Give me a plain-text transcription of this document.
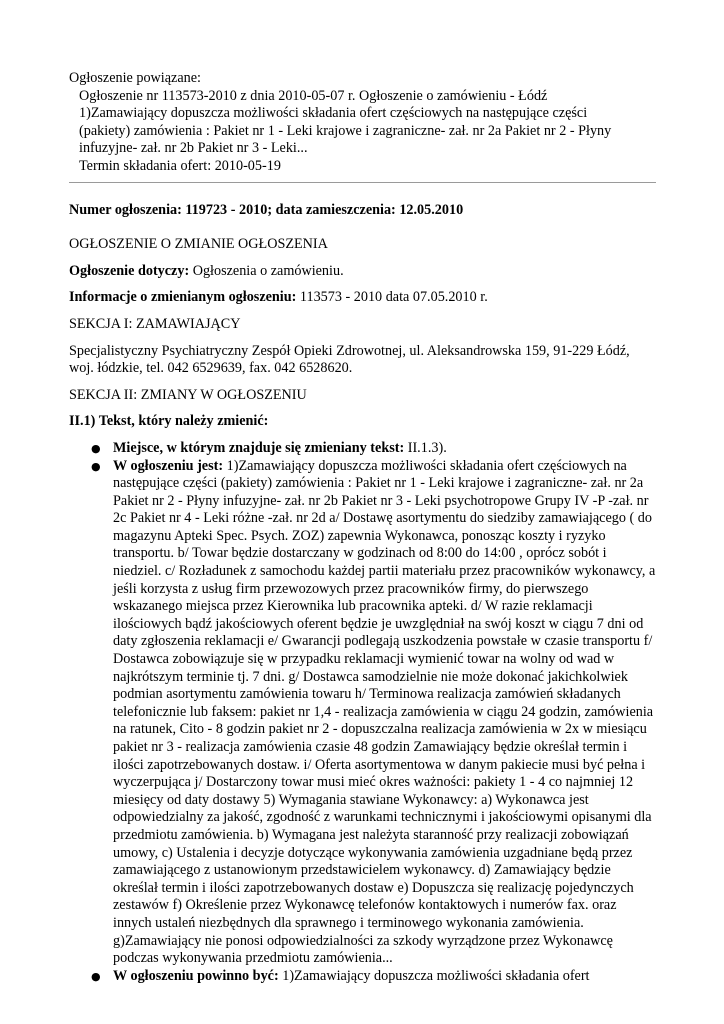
Ogłoszenie powiązane:
Ogłoszenie nr 113573-2010 z dnia 2010-05-07 r. Ogłoszenie o zamówieniu - Łódź
1)Zamawiający dopuszcza możliwości składania ofert częściowych na następujące części
(pakiety) zamówienia : Pakiet nr 1 - Leki krajowe i zagraniczne- zał. nr 2a Pakiet nr 2 - Płyny
infuzyjne- zał. nr 2b Pakiet nr 3 - Leki...
Termin składania ofert: 2010-05-19

Numer ogłoszenia: 119723 - 2010; data zamieszczenia: 12.05.2010

OGŁOSZENIE O ZMIANIE OGŁOSZENIA

Ogłoszenie dotyczy: Ogłoszenia o zamówieniu.

Informacje o zmienianym ogłoszeniu: 113573 - 2010 data 07.05.2010 r.

SEKCJA I: ZAMAWIAJĄCY

Specjalistyczny Psychiatryczny Zespół Opieki Zdrowotnej, ul. Aleksandrowska 159, 91-229 Łódź, woj. łódzkie, tel. 042 6529639, fax. 042 6528620.

SEKCJA II: ZMIANY W OGŁOSZENIU

II.1) Tekst, który należy zmienić:

● Miejsce, w którym znajduje się zmieniany tekst: II.1.3).
● W ogłoszeniu jest: 1)Zamawiający dopuszcza możliwości składania ofert częściowych na następujące części (pakiety) zamówienia : Pakiet nr 1 - Leki krajowe i zagraniczne- zał. nr 2a Pakiet nr 2 - Płyny infuzyjne- zał. nr 2b Pakiet nr 3 - Leki psychotropowe Grupy IV -P -zał. nr 2c Pakiet nr 4 - Leki różne -zał. nr 2d a/ Dostawę asortymentu do siedziby zamawiającego ( do magazynu Apteki Spec. Psych. ZOZ) zapewnia Wykonawca, ponosząc koszty i ryzyko transportu. b/ Towar będzie dostarczany w godzinach od 8:00 do 14:00 , oprócz sobót i niedziel. c/ Rozładunek z samochodu każdej partii materiału przez pracowników wykonawcy, a jeśli korzysta z usług firm przewozowych przez pracowników firmy, do pierwszego wskazanego miejsca przez Kierownika lub pracownika apteki. d/ W razie reklamacji ilościowych bądź jakościowych oferent będzie je uwzględniał na swój koszt w ciągu 7 dni od daty zgłoszenia reklamacji e/ Gwarancji podlegają uszkodzenia powstałe w czasie transportu f/ Dostawca zobowiązuje się w przypadku reklamacji wymienić towar na wolny od wad w najkrótszym terminie tj. 7 dni. g/ Dostawca samodzielnie nie może dokonać jakichkolwiek podmian asortymentu zamówienia towaru h/ Terminowa realizacja zamówień składanych telefonicznie lub faksem: pakiet nr 1,4 - realizacja zamówienia w ciągu 24 godzin, zamówienia na ratunek, Cito - 8 godzin pakiet nr 2 - dopuszczalna realizacja zamówienia w 2x w miesiącu pakiet nr 3 - realizacja zamówienia czasie 48 godzin Zamawiający będzie określał termin i ilości zapotrzebowanych dostaw. i/ Oferta asortymentowa w danym pakiecie musi być pełna i wyczerpująca j/ Dostarczony towar musi mieć okres ważności: pakiety 1 - 4 co najmniej 12 miesięcy od daty dostawy 5) Wymagania stawiane Wykonawcy: a) Wykonawca jest odpowiedzialny za jakość, zgodność z warunkami technicznymi i jakościowymi opisanymi dla przedmiotu zamówienia. b) Wymagana jest należyta staranność przy realizacji zobowiązań umowy, c) Ustalenia i decyzje dotyczące wykonywania zamówienia uzgadniane będą przez zamawiającego z ustanowionym przedstawicielem wykonawcy. d) Zamawiający będzie określał termin i ilości zapotrzebowanych dostaw e) Dopuszcza się realizację pojedynczych zestawów f) Określenie przez Wykonawcę telefonów kontaktowych i numerów fax. oraz innych ustaleń niezbędnych dla sprawnego i terminowego wykonania zamówienia. g)Zamawiający nie ponosi odpowiedzialności za szkody wyrządzone przez Wykonawcę podczas wykonywania przedmiotu zamówienia...
● W ogłoszeniu powinno być: 1)Zamawiający dopuszcza możliwości składania ofert
